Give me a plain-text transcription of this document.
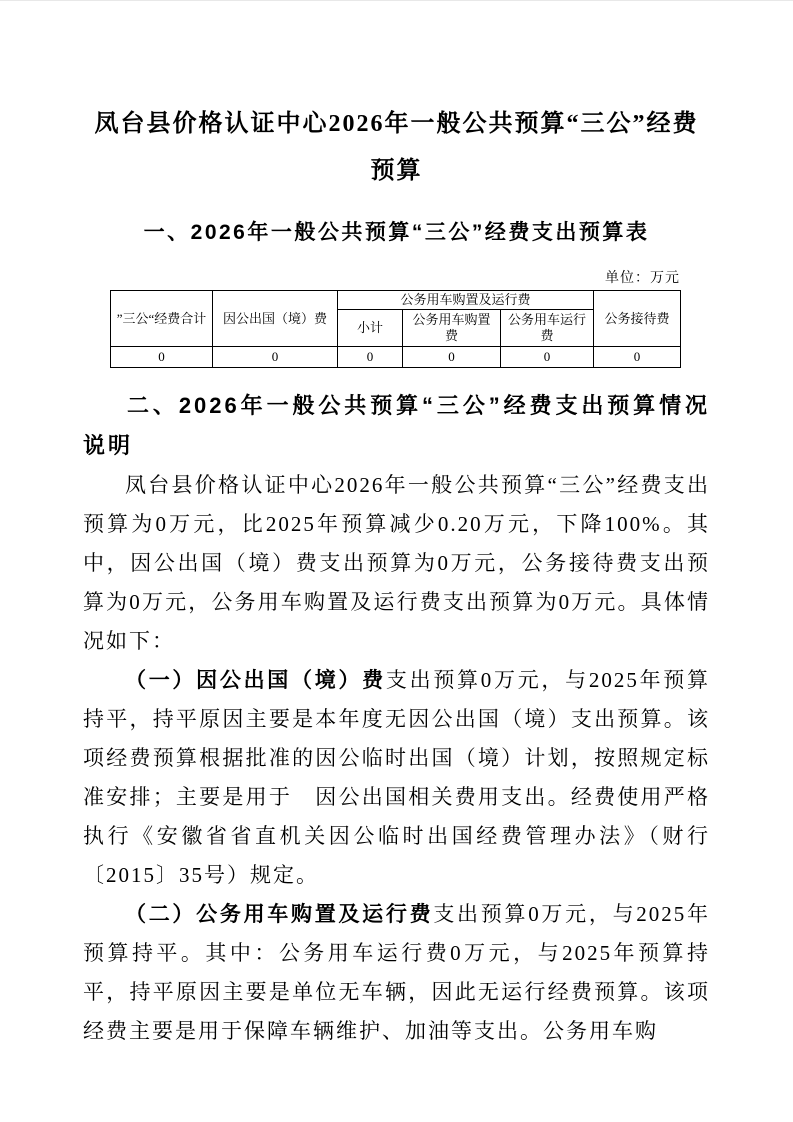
凤台县价格认证中心2026年一般公共预算“三公”经费预算
一、2026年一般公共预算“三公”经费支出预算表
单位：万元
”三公“经费合计	因公出国（境）费	公务用车购置及运行费			公务接待费
		小计	公务用车购置费	公务用车运行费	
0	0	0	0	0	0
二、2026年一般公共预算“三公”经费支出预算情况说明

凤台县价格认证中心2026年一般公共预算“三公”经费支出预算为0万元，比2025年预算减少0.20万元，下降100%。其中，因公出国（境）费支出预算为0万元，公务接待费支出预算为0万元，公务用车购置及运行费支出预算为0万元。具体情况如下：

（一）因公出国（境）费支出预算0万元，与2025年预算持平，持平原因主要是本年度无因公出国（境）支出预算。该项经费预算根据批准的因公临时出国（境）计划，按照规定标准安排；主要是用于　因公出国相关费用支出。经费使用严格执行《安徽省省直机关因公临时出国经费管理办法》（财行〔2015〕35号）规定。

（二）公务用车购置及运行费支出预算0万元，与2025年预算持平。其中：公务用车运行费0万元，与2025年预算持平，持平原因主要是单位无车辆，因此无运行经费预算。该项经费主要是用于保障车辆维护、加油等支出。公务用车购
